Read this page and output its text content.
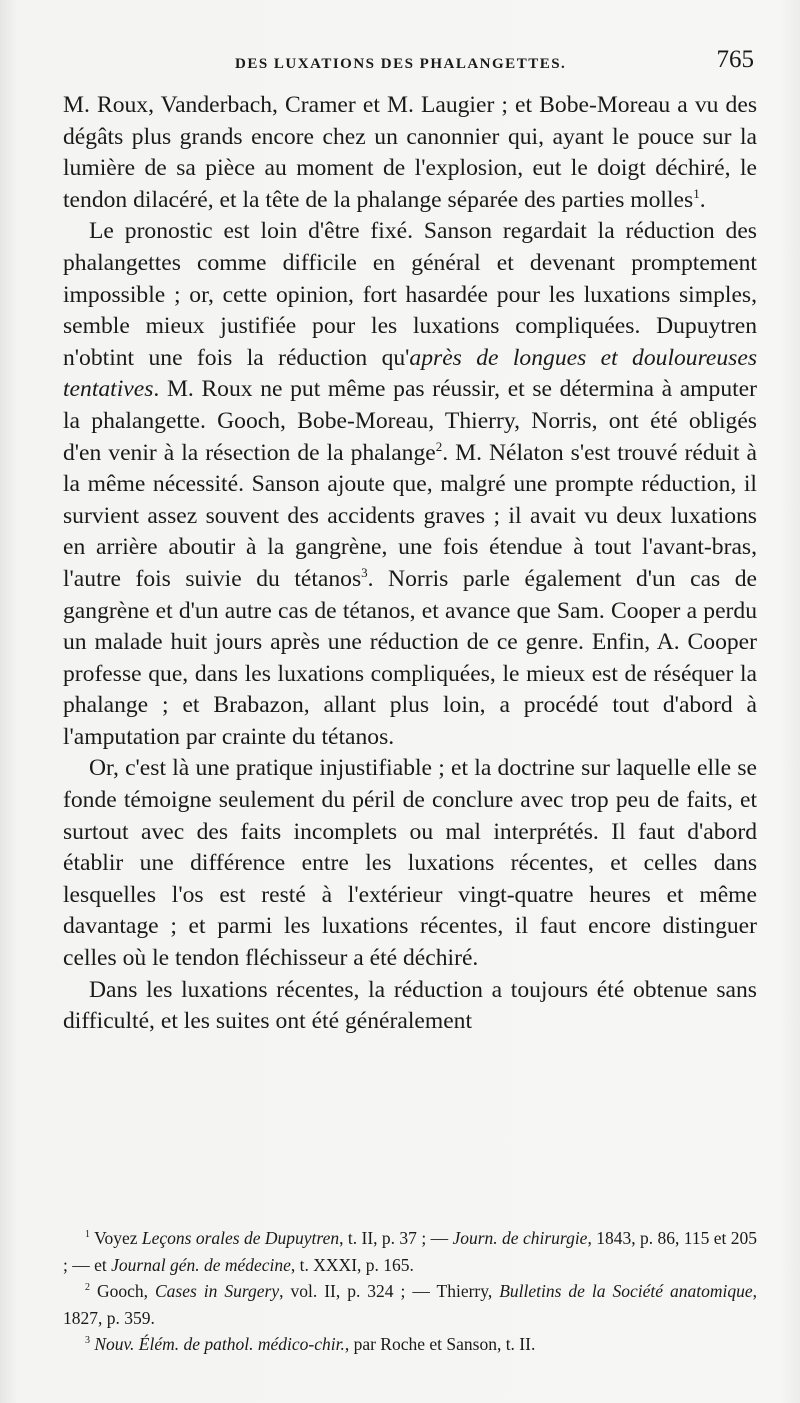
DES LUXATIONS DES PHALANGETTES.	765

M. Roux, Vanderbach, Cramer et M. Laugier ; et Bobe-Moreau a vu des dégâts plus grands encore chez un canonnier qui, ayant le pouce sur la lumière de sa pièce au moment de l'explosion, eut le doigt déchiré, le tendon dilacéré, et la tête de la phalange séparée des parties molles$^1$.

Le pronostic est loin d'être fixé. Sanson regardait la réduction des phalangettes comme difficile en général et devenant promptement impossible ; or, cette opinion, fort hasardée pour les luxations simples, semble mieux justifiée pour les luxations compliquées. Dupuytren n'obtint une fois la réduction qu'après de longues et douloureuses tentatives. M. Roux ne put même pas réussir, et se détermina à amputer la phalangette. Gooch, Bobe-Moreau, Thierry, Norris, ont été obligés d'en venir à la résection de la phalange$^2$. M. Nélaton s'est trouvé réduit à la même nécessité. Sanson ajoute que, malgré une prompte réduction, il survient assez souvent des accidents graves ; il avait vu deux luxations en arrière aboutir à la gangrène, une fois étendue à tout l'avant-bras, l'autre fois suivie du tétanos$^3$. Norris parle également d'un cas de gangrène et d'un autre cas de tétanos, et avance que Sam. Cooper a perdu un malade huit jours après une réduction de ce genre. Enfin, A. Cooper professe que, dans les luxations compliquées, le mieux est de réséquer la phalange ; et Brabazon, allant plus loin, a procédé tout d'abord à l'amputation par crainte du tétanos.

Or, c'est là une pratique injustifiable ; et la doctrine sur laquelle elle se fonde témoigne seulement du péril de conclure avec trop peu de faits, et surtout avec des faits incomplets ou mal interprétés. Il faut d'abord établir une différence entre les luxations récentes, et celles dans lesquelles l'os est resté à l'extérieur vingt-quatre heures et même davantage ; et parmi les luxations récentes, il faut encore distinguer celles où le tendon fléchisseur a été déchiré.

Dans les luxations récentes, la réduction a toujours été obtenue sans difficulté, et les suites ont été généralement

$^1$ Voyez Leçons orales de Dupuytren, t. II, p. 37 ; — Journ. de chirurgie, 1843, p. 86, 115 et 205 ; — et Journal gén. de médecine, t. XXXI, p. 165.

$^2$ Gooch, Cases in Surgery, vol. II, p. 324 ; — Thierry, Bulletins de la Société anatomique, 1827, p. 359.

$^3$ Nouv. Élém. de pathol. médico-chir., par Roche et Sanson, t. II.
